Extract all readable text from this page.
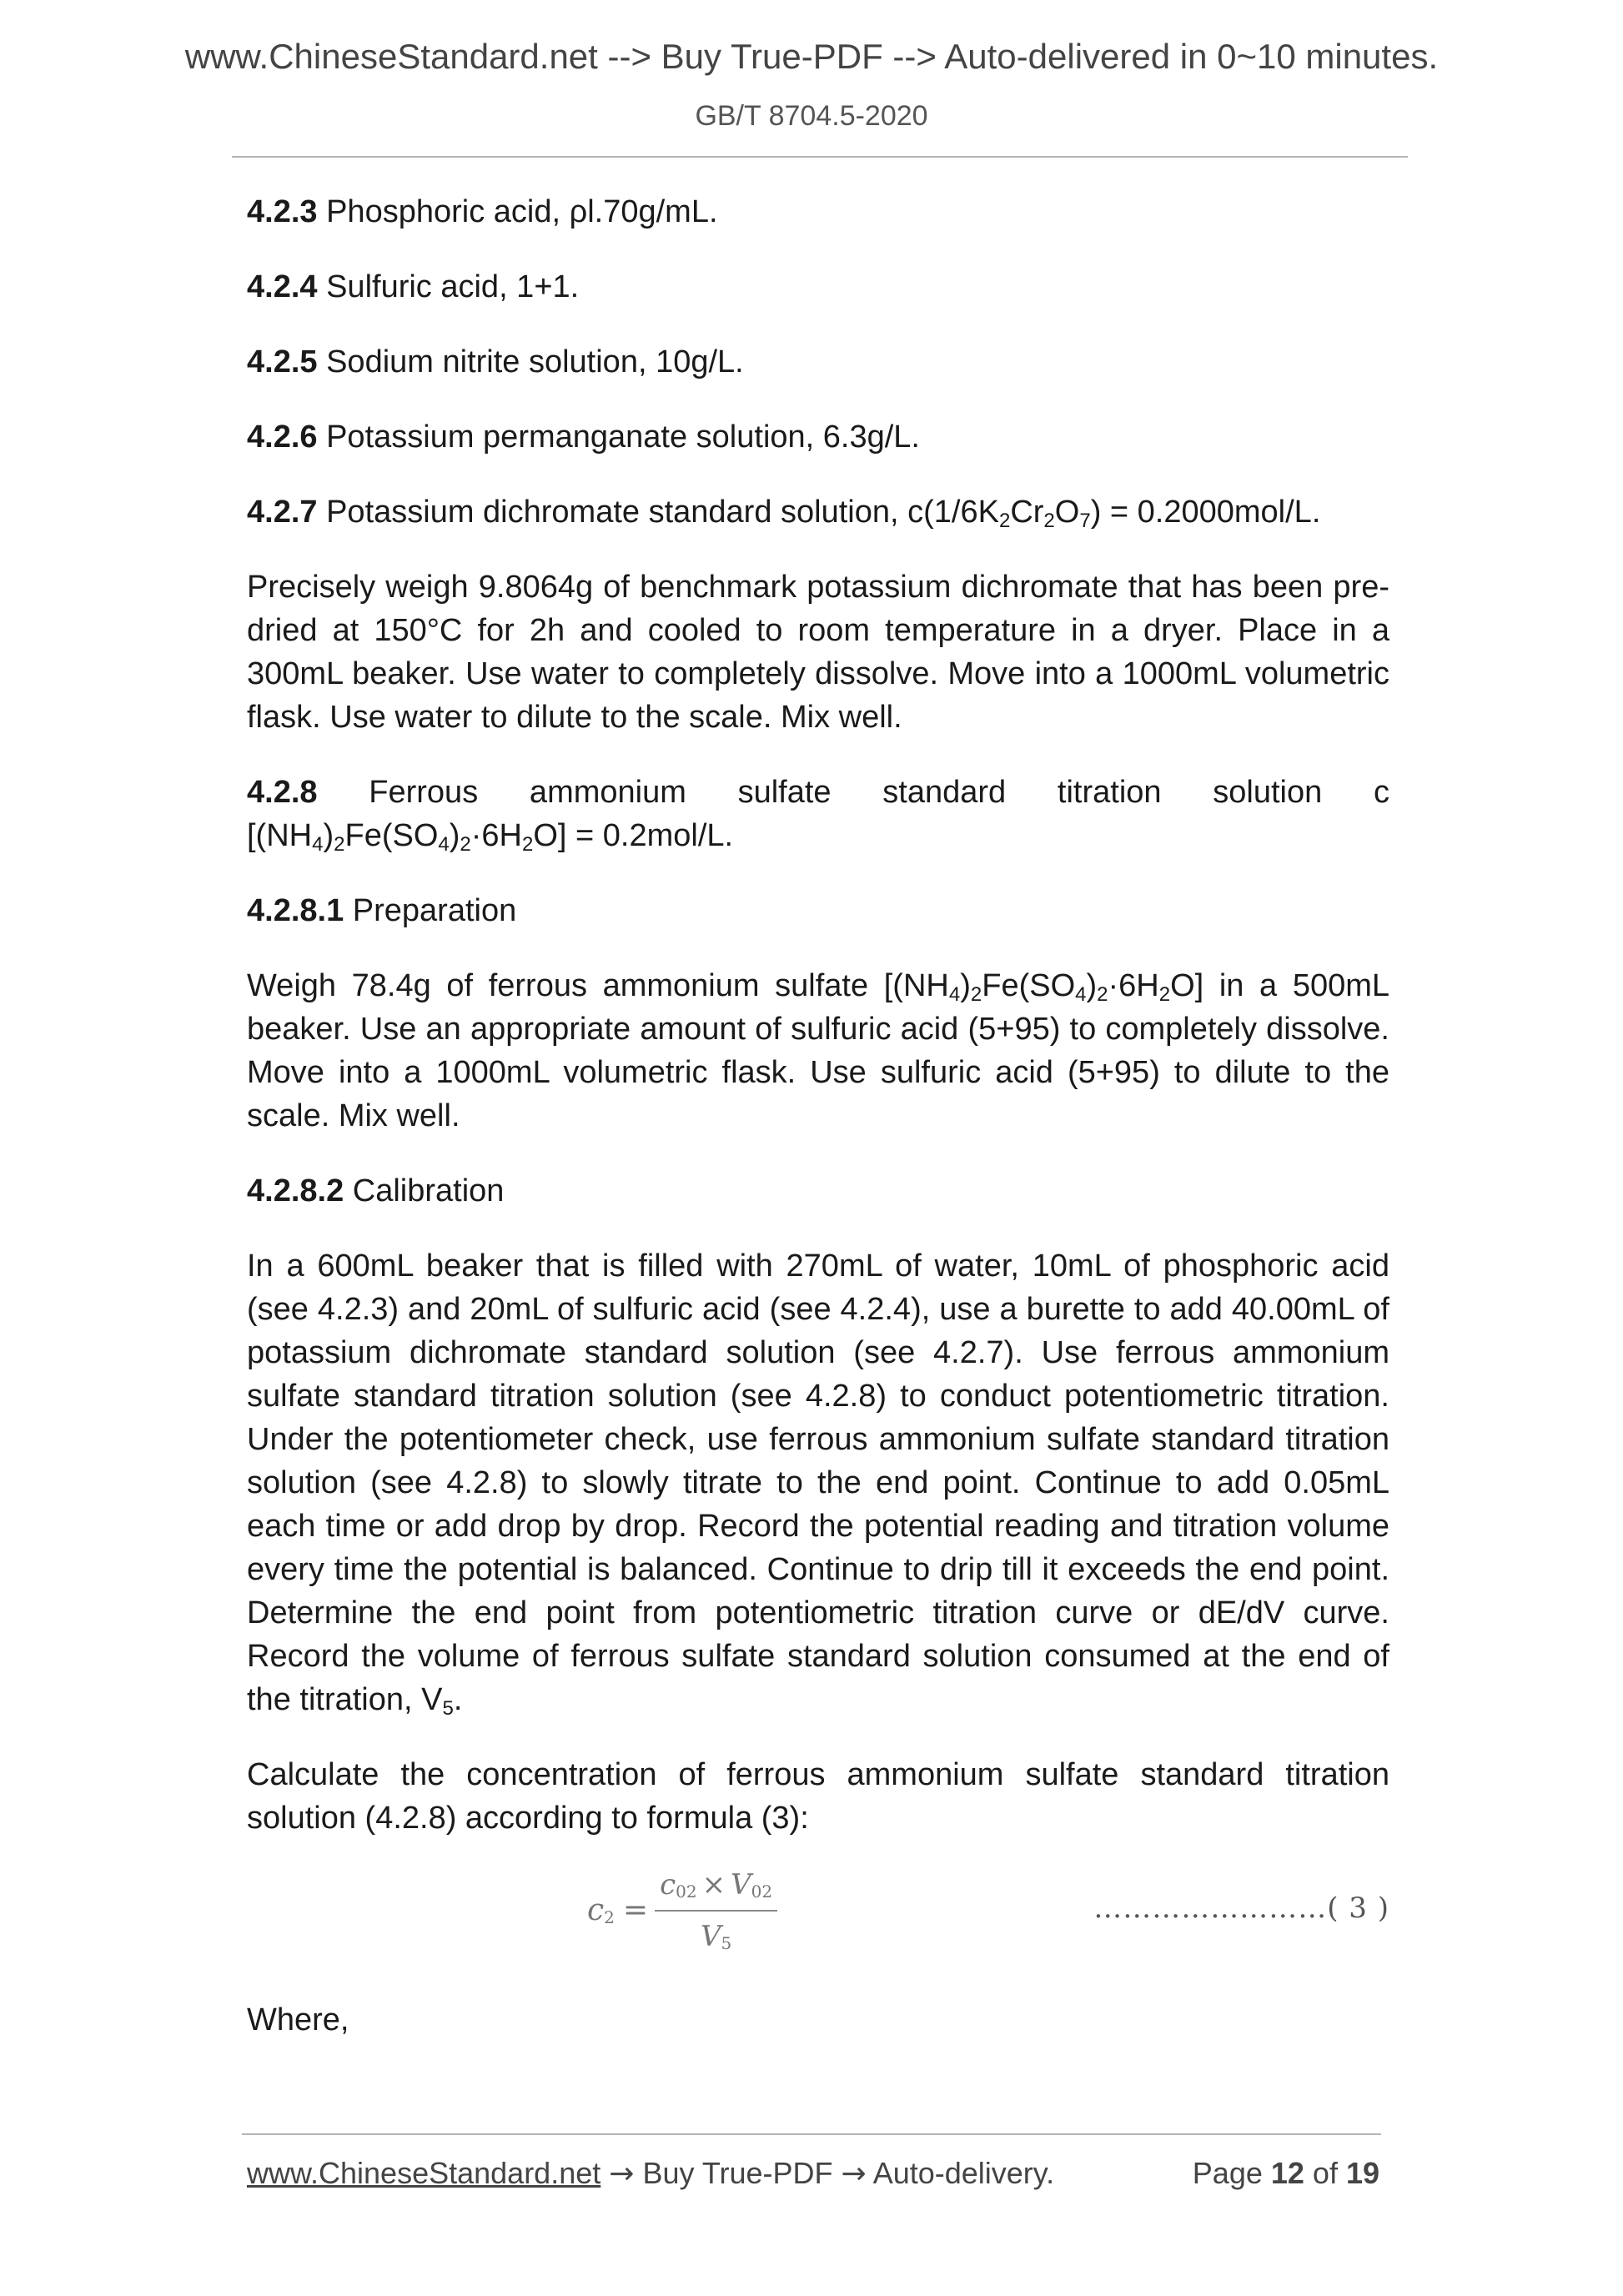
www.ChineseStandard.net --> Buy True-PDF --> Auto-delivered in 0~10 minutes.
GB/T 8704.5-2020

4.2.3 Phosphoric acid, ρl.70g/mL.

4.2.4 Sulfuric acid, 1+1.

4.2.5 Sodium nitrite solution, 10g/L.

4.2.6 Potassium permanganate solution, 6.3g/L.

4.2.7 Potassium dichromate standard solution, $c(1/6K_2Cr_2O_7) = 0.2000mol/L$.

Precisely weigh 9.8064g of benchmark potassium dichromate that has been pre-dried at 150°C for 2h and cooled to room temperature in a dryer. Place in a 300mL beaker. Use water to completely dissolve. Move into a 1000mL volumetric flask. Use water to dilute to the scale. Mix well.

4.2.8 Ferrous ammonium sulfate standard titration solution c $[(NH_4)_2Fe(SO_4)_2\cdot 6H_2O] = 0.2mol/L$.

4.2.8.1 Preparation

Weigh 78.4g of ferrous ammonium sulfate $[(NH_4)_2Fe(SO_4)_2\cdot 6H_2O]$ in a 500mL beaker. Use an appropriate amount of sulfuric acid (5+95) to completely dissolve. Move into a 1000mL volumetric flask. Use sulfuric acid (5+95) to dilute to the scale. Mix well.

4.2.8.2 Calibration

In a 600mL beaker that is filled with 270mL of water, 10mL of phosphoric acid (see 4.2.3) and 20mL of sulfuric acid (see 4.2.4), use a burette to add 40.00mL of potassium dichromate standard solution (see 4.2.7). Use ferrous ammonium sulfate standard titration solution (see 4.2.8) to conduct potentiometric titration. Under the potentiometer check, use ferrous ammonium sulfate standard titration solution (see 4.2.8) to slowly titrate to the end point. Continue to add 0.05mL each time or add drop by drop. Record the potential reading and titration volume every time the potential is balanced. Continue to drip till it exceeds the end point. Determine the end point from potentiometric titration curve or dE/dV curve. Record the volume of ferrous sulfate standard solution consumed at the end of the titration, $V_5$.

Calculate the concentration of ferrous ammonium sulfate standard titration solution (4.2.8) according to formula (3):

$c_2 = \frac{c_{02} \times V_{02}}{V_5}$	……………………( 3 )

Where,

www.ChineseStandard.net → Buy True-PDF → Auto-delivery.	Page 12 of 19
